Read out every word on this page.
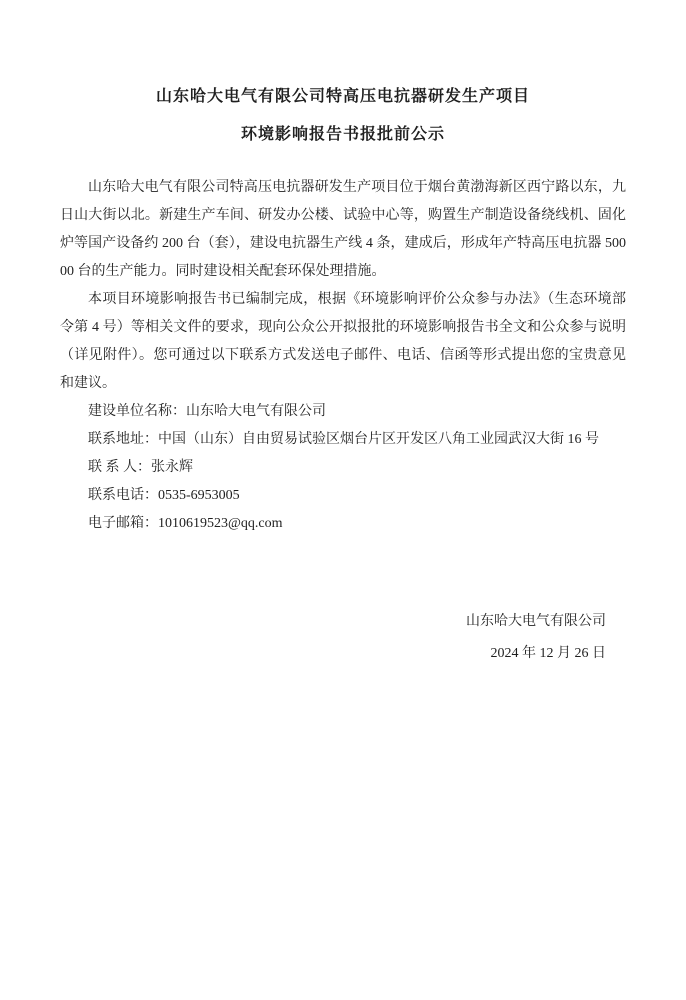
山东哈大电气有限公司特高压电抗器研发生产项目
环境影响报告书报批前公示

山东哈大电气有限公司特高压电抗器研发生产项目位于烟台黄渤海新区西宁路以东，九日山大街以北。新建生产车间、研发办公楼、试验中心等，购置生产制造设备绕线机、固化炉等国产设备约 200 台（套），建设电抗器生产线 4 条，建成后，形成年产特高压电抗器 50000 台的生产能力。同时建设相关配套环保处理措施。

本项目环境影响报告书已编制完成，根据《环境影响评价公众参与办法》（生态环境部令第 4 号）等相关文件的要求，现向公众公开拟报批的环境影响报告书全文和公众参与说明（详见附件）。您可通过以下联系方式发送电子邮件、电话、信函等形式提出您的宝贵意见和建议。

建设单位名称：山东哈大电气有限公司

联系地址：中国（山东）自由贸易试验区烟台片区开发区八角工业园武汉大街 16 号

联 系 人：张永辉

联系电话：0535-6953005

电子邮箱：1010619523@qq.com

山东哈大电气有限公司

2024 年 12 月 26 日
